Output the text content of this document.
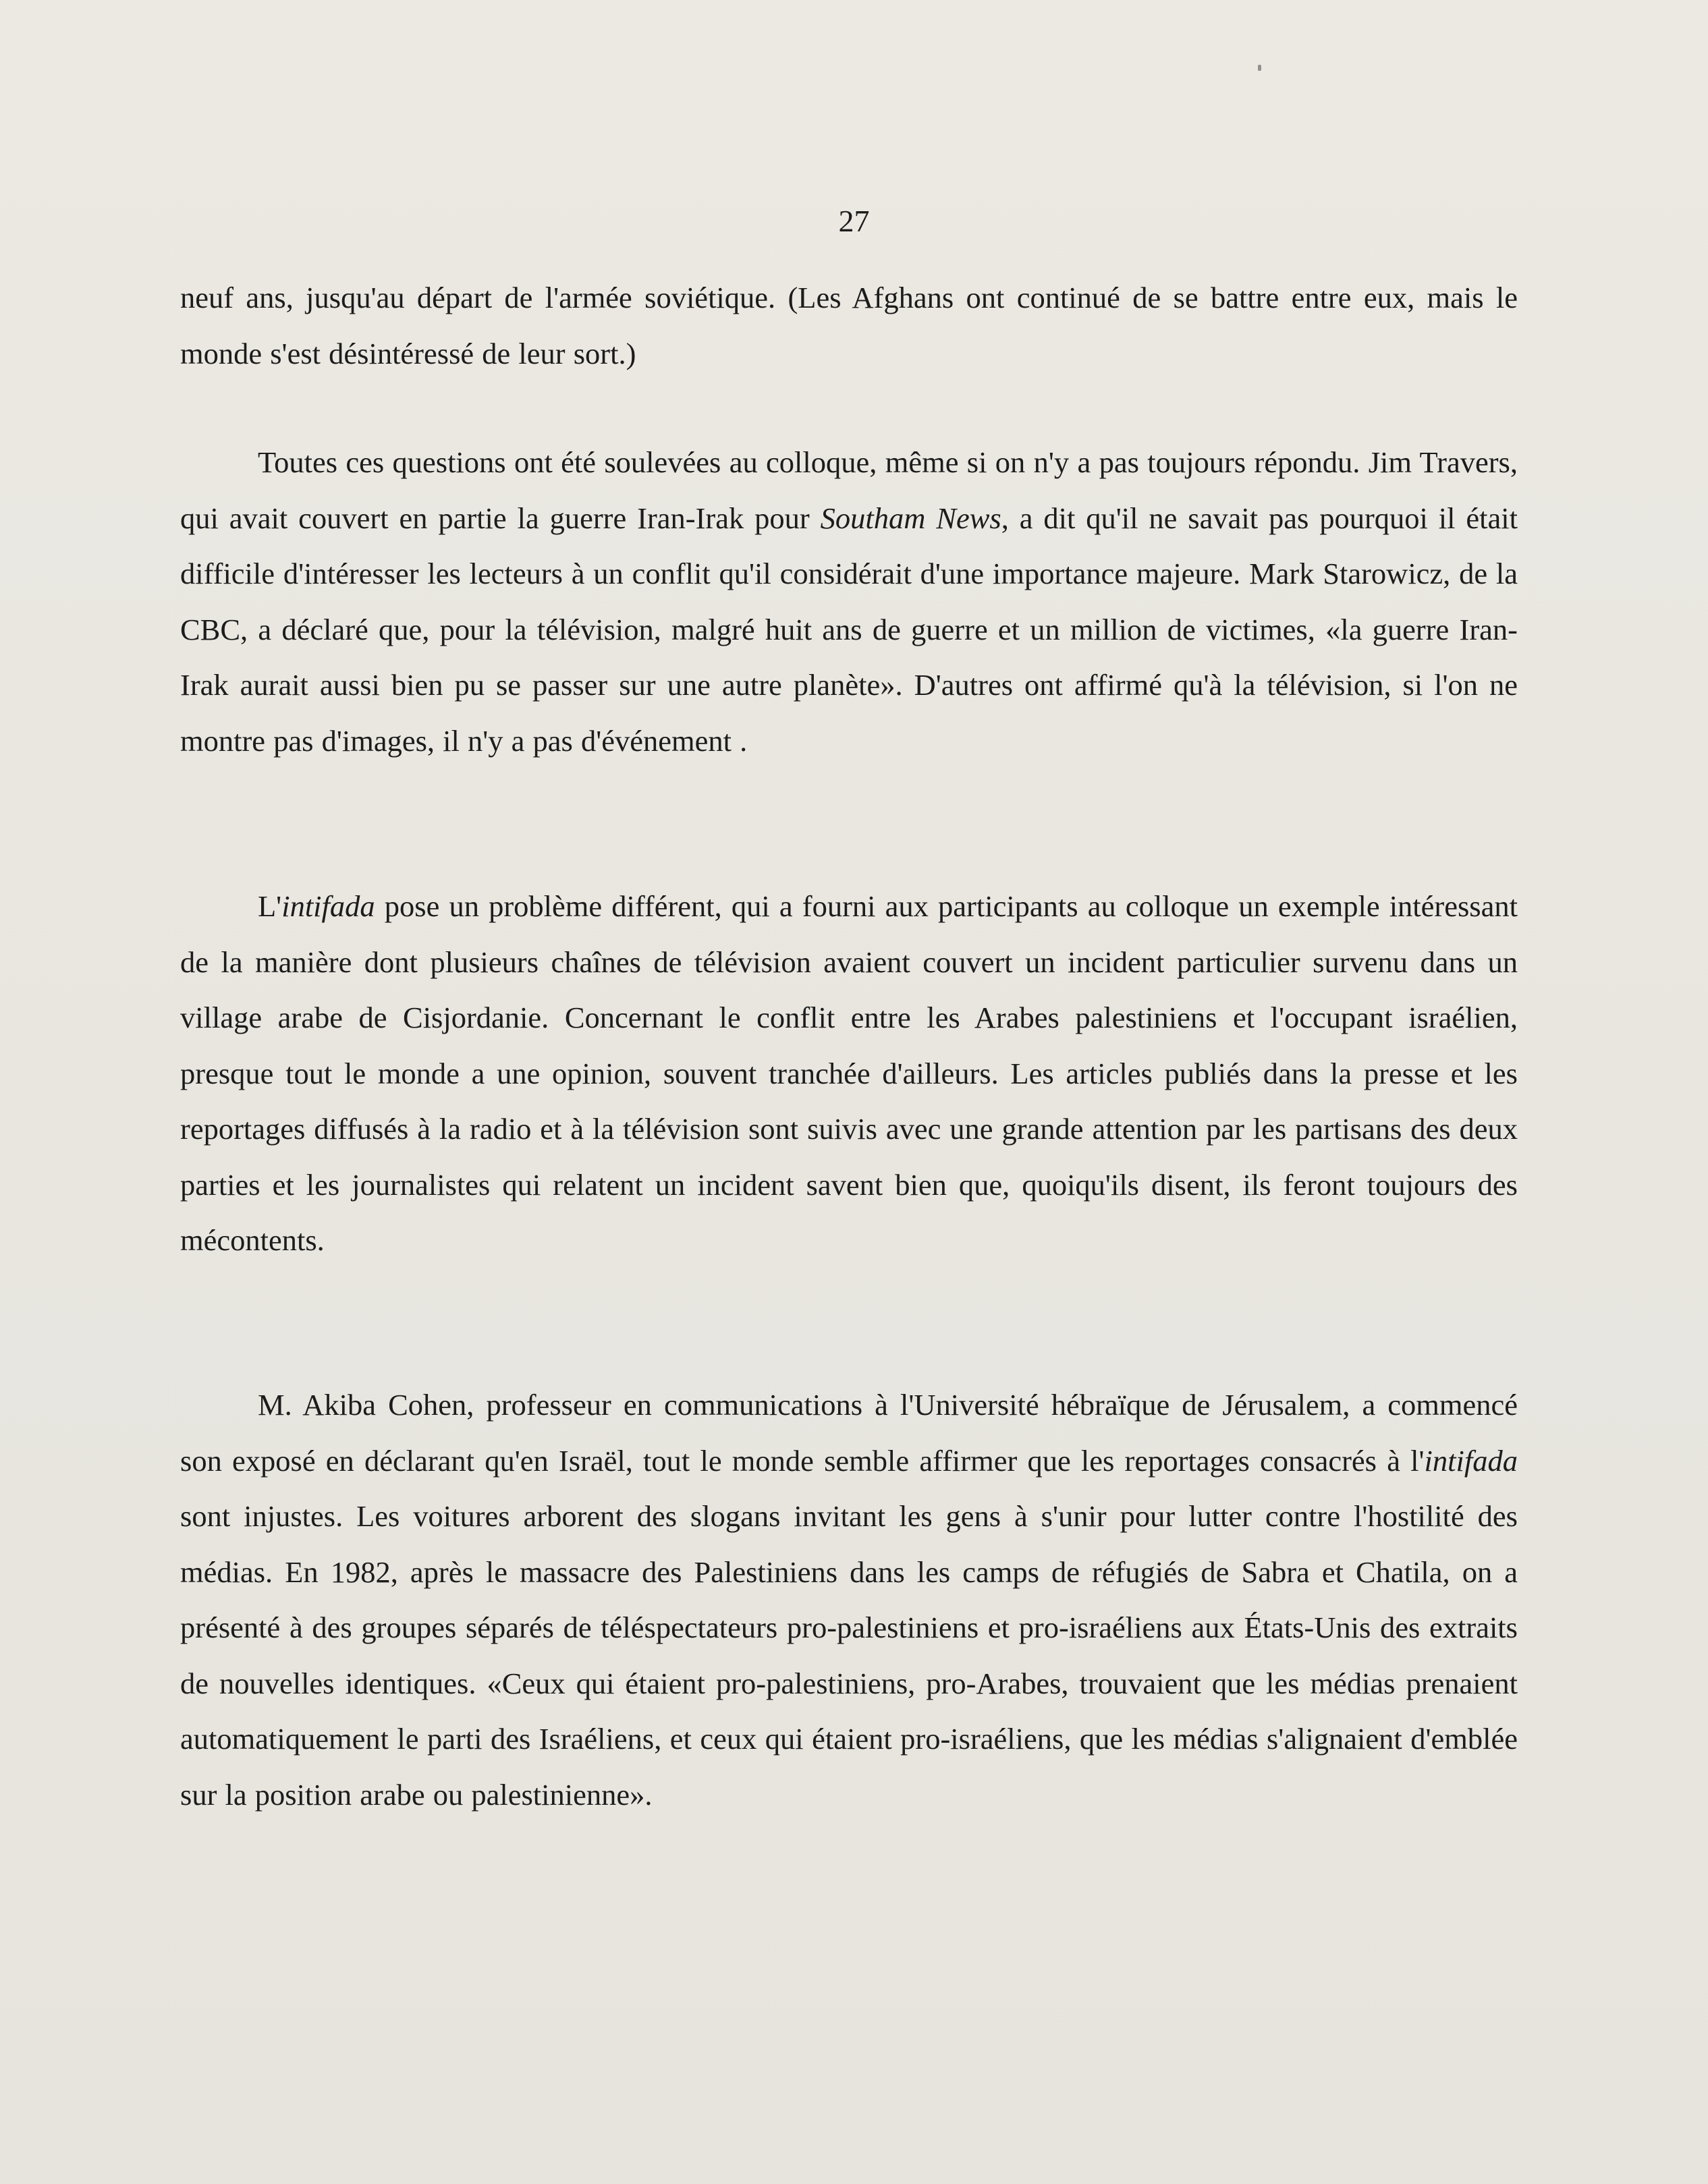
27

neuf ans, jusqu'au départ de l'armée soviétique. (Les Afghans ont continué de se battre entre eux, mais le monde s'est désintéressé de leur sort.)

Toutes ces questions ont été soulevées au colloque, même si on n'y a pas toujours répondu. Jim Travers, qui avait couvert en partie la guerre Iran-Irak pour Southam News, a dit qu'il ne savait pas pourquoi il était difficile d'intéresser les lecteurs à un conflit qu'il considérait d'une importance majeure. Mark Starowicz, de la CBC, a déclaré que, pour la télévision, malgré huit ans de guerre et un million de victimes, «la guerre Iran-Irak aurait aussi bien pu se passer sur une autre planète». D'autres ont affirmé qu'à la télévision, si l'on ne montre pas d'images, il n'y a pas d'événement .

L'intifada pose un problème différent, qui a fourni aux participants au colloque un exemple intéressant de la manière dont plusieurs chaînes de télévision avaient couvert un incident particulier survenu dans un village arabe de Cisjordanie. Concernant le conflit entre les Arabes palestiniens et l'occupant israélien, presque tout le monde a une opinion, souvent tranchée d'ailleurs. Les articles publiés dans la presse et les reportages diffusés à la radio et à la télévision sont suivis avec une grande attention par les partisans des deux parties et les journalistes qui relatent un incident savent bien que, quoiqu'ils disent, ils feront toujours des mécontents.

M. Akiba Cohen, professeur en communications à l'Université hébraïque de Jérusalem, a commencé son exposé en déclarant qu'en Israël, tout le monde semble affirmer que les reportages consacrés à l'intifada sont injustes. Les voitures arborent des slogans invitant les gens à s'unir pour lutter contre l'hostilité des médias. En 1982, après le massacre des Palestiniens dans les camps de réfugiés de Sabra et Chatila, on a présenté à des groupes séparés de téléspectateurs pro-palestiniens et pro-israéliens aux États-Unis des extraits de nouvelles identiques. «Ceux qui étaient pro-palestiniens, pro-Arabes, trouvaient que les médias prenaient automatiquement le parti des Israéliens, et ceux qui étaient pro-israéliens, que les médias s'alignaient d'emblée sur la position arabe ou palestinienne».
